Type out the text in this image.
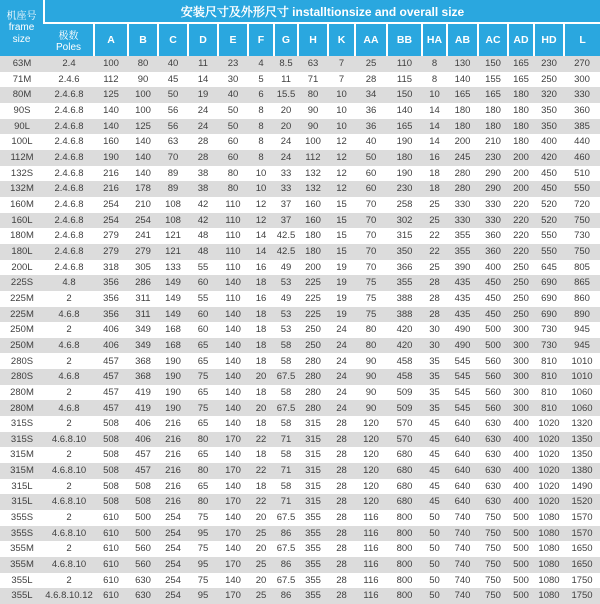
机座号
frame size	安装尺寸及外形尺寸 installtionsize and overall size																	

	极数
Poles	A	B	C	D	E	F	G	H	K	AA	BB	HA	AB	AC	AD	HD	L
63M	2.4	100	80	40	11	23	4	8.5	63	7	25	110	8	130	150	165	230	270
71M	2.4.6	112	90	45	14	30	5	11	71	7	28	115	8	140	155	165	250	300
80M	2.4.6.8	125	100	50	19	40	6	15.5	80	10	34	150	10	165	165	180	320	330
90S	2.4.6.8	140	100	56	24	50	8	20	90	10	36	140	14	180	180	180	350	360
90L	2.4.6.8	140	125	56	24	50	8	20	90	10	36	165	14	180	180	180	350	385
100L	2.4.6.8	160	140	63	28	60	8	24	100	12	40	190	14	200	210	180	400	440
112M	2.4.6.8	190	140	70	28	60	8	24	112	12	50	180	16	245	230	200	420	460
132S	2.4.6.8	216	140	89	38	80	10	33	132	12	60	190	18	280	290	200	450	510
132M	2.4.6.8	216	178	89	38	80	10	33	132	12	60	230	18	280	290	200	450	550
160M	2.4.6.8	254	210	108	42	110	12	37	160	15	70	258	25	330	330	220	520	720
160L	2.4.6.8	254	254	108	42	110	12	37	160	15	70	302	25	330	330	220	520	750
180M	2.4.6.8	279	241	121	48	110	14	42.5	180	15	70	315	22	355	360	220	550	730
180L	2.4.6.8	279	279	121	48	110	14	42.5	180	15	70	350	22	355	360	220	550	750
200L	2.4.6.8	318	305	133	55	110	16	49	200	19	70	366	25	390	400	250	645	805
225S	4.8	356	286	149	60	140	18	53	225	19	75	355	28	435	450	250	690	865
225M	2	356	311	149	55	110	16	49	225	19	75	388	28	435	450	250	690	860
225M	4.6.8	356	311	149	60	140	18	53	225	19	75	388	28	435	450	250	690	890
250M	2	406	349	168	60	140	18	53	250	24	80	420	30	490	500	300	730	945
250M	4.6.8	406	349	168	65	140	18	58	250	24	80	420	30	490	500	300	730	945
280S	2	457	368	190	65	140	18	58	280	24	90	458	35	545	560	300	810	1010
280S	4.6.8	457	368	190	75	140	20	67.5	280	24	90	458	35	545	560	300	810	1010
280M	2	457	419	190	65	140	18	58	280	24	90	509	35	545	560	300	810	1060
280M	4.6.8	457	419	190	75	140	20	67.5	280	24	90	509	35	545	560	300	810	1060
315S	2	508	406	216	65	140	18	58	315	28	120	570	45	640	630	400	1020	1320
315S	4.6.8.10	508	406	216	80	170	22	71	315	28	120	570	45	640	630	400	1020	1350
315M	2	508	457	216	65	140	18	58	315	28	120	680	45	640	630	400	1020	1350
315M	4.6.8.10	508	457	216	80	170	22	71	315	28	120	680	45	640	630	400	1020	1380
315L	2	508	508	216	65	140	18	58	315	28	120	680	45	640	630	400	1020	1490
315L	4.6.8.10	508	508	216	80	170	22	71	315	28	120	680	45	640	630	400	1020	1520
355S	2	610	500	254	75	140	20	67.5	355	28	116	800	50	740	750	500	1080	1570
355S	4.6.8.10	610	500	254	95	170	25	86	355	28	116	800	50	740	750	500	1080	1570
355M	2	610	560	254	75	140	20	67.5	355	28	116	800	50	740	750	500	1080	1650
355M	4.6.8.10	610	560	254	95	170	25	86	355	28	116	800	50	740	750	500	1080	1650
355L	2	610	630	254	75	140	20	67.5	355	28	116	800	50	740	750	500	1080	1750
355L	4.6.8.10.12	610	630	254	95	170	25	86	355	28	116	800	50	740	750	500	1080	1750
